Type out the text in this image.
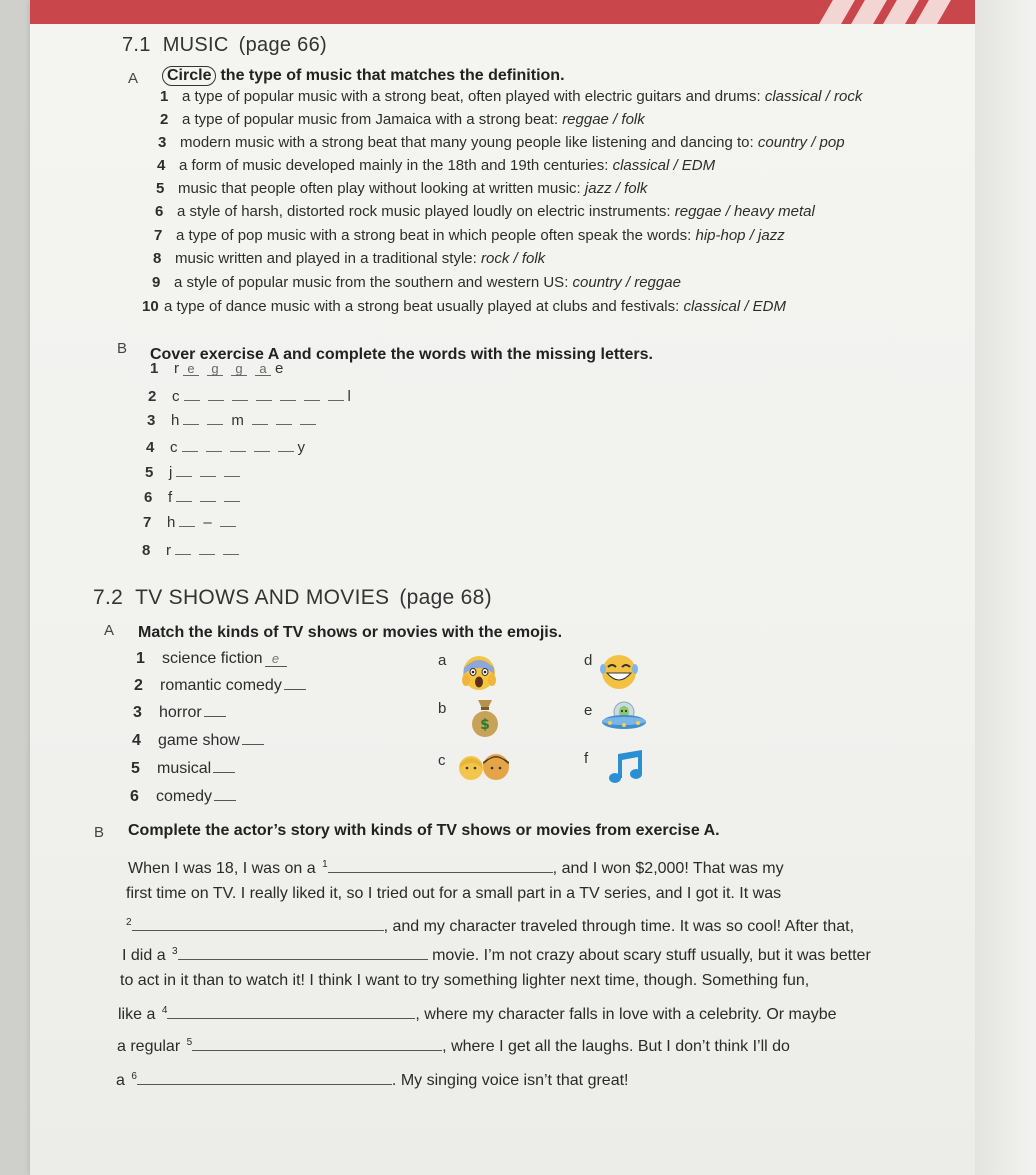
7.1 MUSIC (page 66)
A	Circle the type of music that matches the definition.
1 a type of popular music with a strong beat, often played with electric guitars and drums: classical / rock
2 a type of popular music from Jamaica with a strong beat: reggae / folk
3 modern music with a strong beat that many young people like listening and dancing to: country / pop
4 a form of music developed mainly in the 18th and 19th centuries: classical / EDM
5 music that people often play without looking at written music: jazz / folk
6 a style of harsh, distorted rock music played loudly on electric instruments: reggae / heavy metal
7 a type of pop music with a strong beat in which people often speak the words: hip-hop / jazz
8 music written and played in a traditional style: rock / folk
9 a style of popular music from the southern and western US: country / reggae
10 a type of dance music with a strong beat usually played at clubs and festivals: classical / EDM
B Cover exercise A and complete the words with the missing letters.
1 r e g g a e
2 c	l
3 h	m
4 c	y
5 j
6 f
7 h –
8 r
7.2 TV SHOWS AND MOVIES (page 68)
A Match the kinds of TV shows or movies with the emojis.
1 science fiction e
2 romantic comedy
3 horror
4 game show
5 musical
6 comedy
a
b
c
d
e
f
$
B Complete the actor’s story with kinds of TV shows or movies from exercise A.
When I was 18, I was on a $^1$	, and I won $2,000! That was my
first time on TV. I really liked it, so I tried out for a small part in a TV series, and I got it. It was
$^2$	, and my character traveled through time. It was so cool! After that,
I did a $^3$	movie. I’m not crazy about scary stuff usually, but it was better
to act in it than to watch it! I think I want to try something lighter next time, though. Something fun,
like a $^4$	, where my character falls in love with a celebrity. Or maybe
a regular $^5$	, where I get all the laughs. But I don’t think I’ll do
a $^6$	. My singing voice isn’t that great!
